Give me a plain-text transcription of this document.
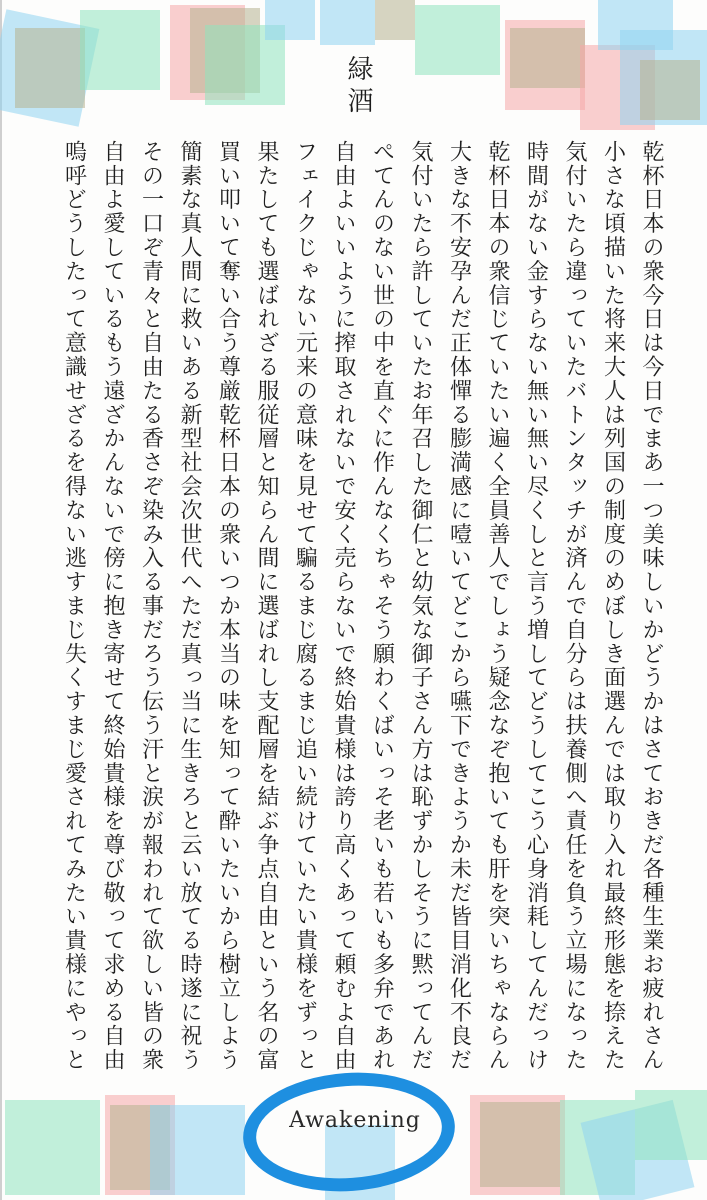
緑酒

乾杯日本の衆今日は今日でまあ一つ美味しいかどうかはさておきだ各種生業お疲れさん

小さな頃描いた将来大人は列国の制度のめぼしき面選んでは取り入れ最終形態を捺えた

気付いたら違っていたバトンタッチが済んで自分らは扶養側へ責任を負う立場になった

時間がない金すらない無い無い尽くしと言う増してどうしてこう心身消耗してんだっけ

乾杯日本の衆信じていたい遍く全員善人でしょう疑念なぞ抱いても肝を突いちゃならん

大きな不安孕んだ正体憚る膨満感に噎いてどこから嚥下できようか未だ皆目消化不良だ

気付いたら許していたお年召した御仁と幼気な御子さん方は恥ずかしそうに黙ってんだ

ぺてんのない世の中を直ぐに作んなくちゃそう願わくばいっそ老いも若いも多弁であれ

自由よいいように搾取されないで安く売らないで終始貴様は誇り高くあって頼むよ自由

フェイクじゃない元来の意味を見せて騙るまじ腐るまじ追い続けていたい貴様をずっと

果たしても選ばれざる服従層と知らん間に選ばれし支配層を結ぶ争点自由という名の富

買い叩いて奪い合う尊厳乾杯日本の衆いつか本当の味を知って酔いたいから樹立しよう

簡素な真人間に救いある新型社会次世代へただ真っ当に生きろと云い放てる時遂に祝う

その一口ぞ青々と自由たる香さぞ染み入る事だろう伝う汗と涙が報われて欲しい皆の衆

自由よ愛しているもう遠ざかんないで傍に抱き寄せて終始貴様を尊び敬って求める自由

嗚呼どうしたって意識せざるを得ない逃すまじ失くすまじ愛されてみたい貴様にやっと

Awakening
